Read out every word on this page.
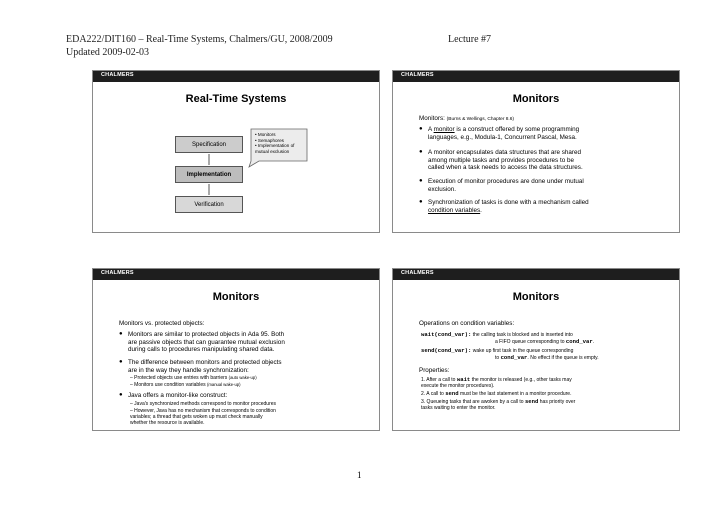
EDA222/DIT160 – Real-Time Systems, Chalmers/GU, 2008/2009	Lecture #7
Updated 2009-02-03
CHALMERS
Real-Time Systems
Specification
Implementation
Verification
• Monitors
• Semaphores
• Implementation of
mutual exclusion
CHALMERS
Monitors
Monitors: (Burns & Wellings, Chapter 8.6)
● A monitor is a construct offered by some programming
languages, e.g., Modula-1, Concurrent Pascal, Mesa.
● A monitor encapsulates data structures that are shared
among multiple tasks and provides procedures to be
called when a task needs to access the data structures.
● Execution of monitor procedures are done under mutual
exclusion.
● Synchronization of tasks is done with a mechanism called
condition variables.
CHALMERS
Monitors
Monitors vs. protected objects:
● Monitors are similar to protected objects in Ada 95. Both
are passive objects that can guarantee mutual exclusion
during calls to procedures manipulating shared data.
● The difference between monitors and protected objects
are in the way they handle synchronization:
– Protected objects use entries with barriers (auto wake-up)
– Monitors use condition variables (manual wake-up)
● Java offers a monitor-like construct:
– Java's synchronized methods correspond to monitor procedures
– However, Java has no mechanism that corresponds to condition
variables; a thread that gets woken up must check manually
whether the resource is available.
CHALMERS
Monitors
Operations on condition variables:
wait(cond_var): the calling task is blocked and is inserted into
a FIFO queue corresponding to cond_var.
send(cond_var): wake up first task in the queue corresponding
to cond_var. No effect if the queue is empty.
Properties:
1. After a call to wait the monitor is released (e.g., other tasks may
execute the monitor procedures).
2. A call to send must be the last statement in a monitor procedure.
3. Queueing tasks that are awoken by a call to send has priority over
tasks waiting to enter the monitor.
1
